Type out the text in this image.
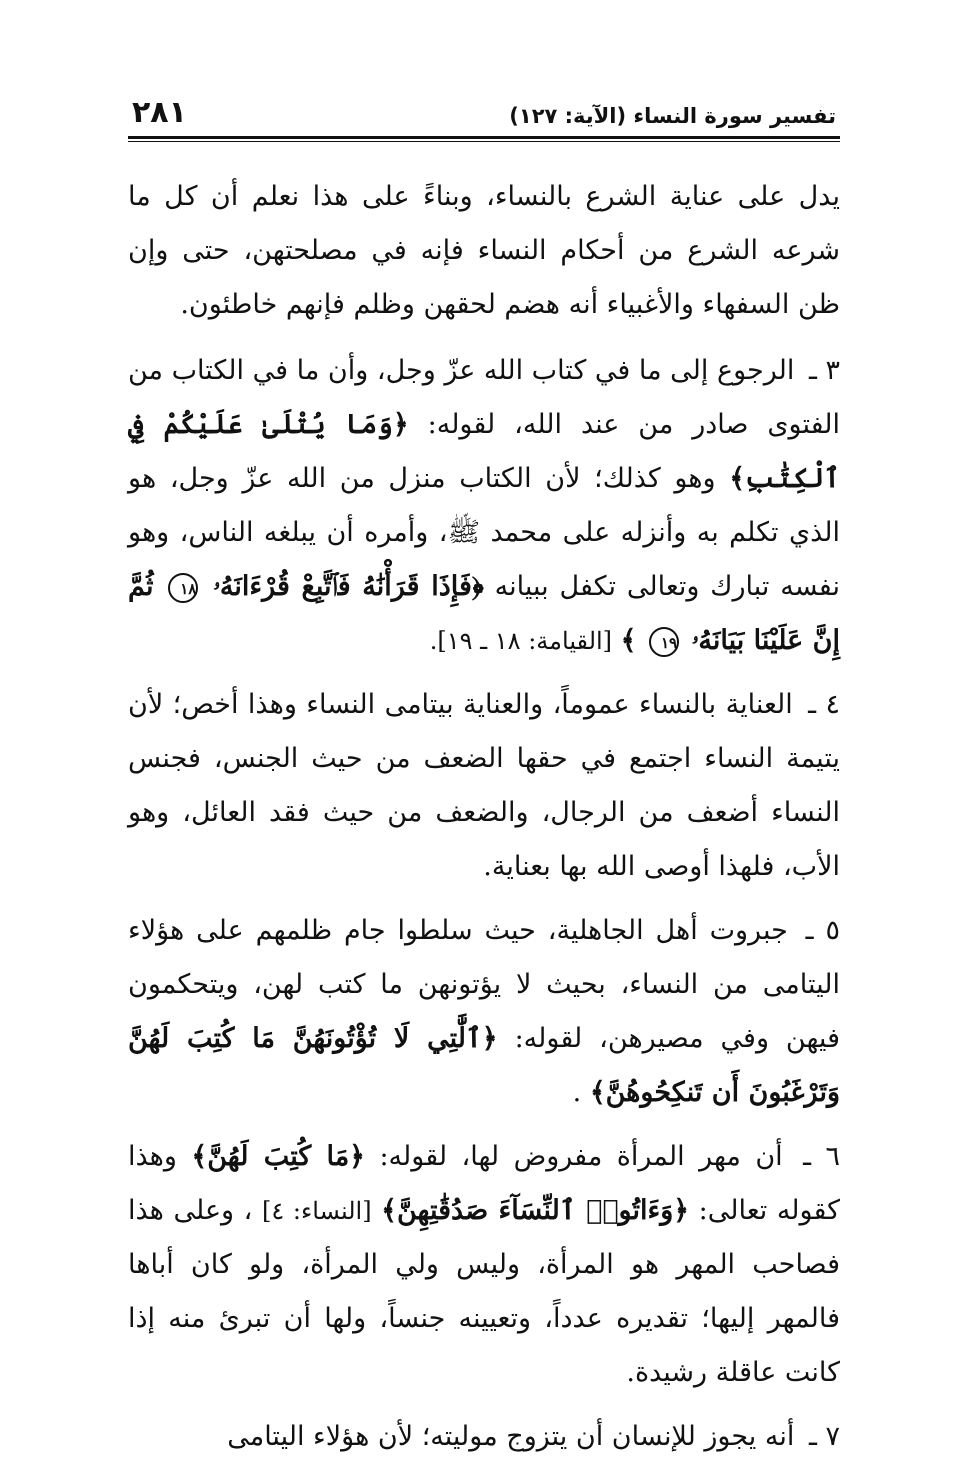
تفسير سورة النساء (الآية: ١٢٧)
٢٨١

يدل على عناية الشرع بالنساء، وبناءً على هذا نعلم أن كل ما شرعه الشرع من أحكام النساء فإنه في مصلحتهن، حتى وإن ظن السفهاء والأغبياء أنه هضم لحقهن وظلم فإنهم خاطئون.

٣ ـ الرجوع إلى ما في كتاب الله عزّ وجل، وأن ما في الكتاب من الفتوى صادر من عند الله، لقوله: ﴿وَمَا يُتْلَىٰ عَلَيْكُمْ فِي ٱلْكِتَٰبِ﴾ وهو كذلك؛ لأن الكتاب منزل من الله عزّ وجل، هو الذي تكلم به وأنزله على محمد ﷺ، وأمره أن يبلغه الناس، وهو نفسه تبارك وتعالى تكفل ببيانه ﴿فَإِذَا قَرَأْنَٰهُ فَٱتَّبِعْ قُرْءَانَهُۥ ١٨ ثُمَّ إِنَّ عَلَيْنَا بَيَانَهُۥ ١٩ ﴾ [القيامة: ١٨ ـ ١٩].

٤ ـ العناية بالنساء عموماً، والعناية بيتامى النساء وهذا أخص؛ لأن يتيمة النساء اجتمع في حقها الضعف من حيث الجنس، فجنس النساء أضعف من الرجال، والضعف من حيث فقد العائل، وهو الأب، فلهذا أوصى الله بها بعناية.

٥ ـ جبروت أهل الجاهلية، حيث سلطوا جام ظلمهم على هؤلاء اليتامى من النساء، بحيث لا يؤتونهن ما كتب لهن، ويتحكمون فيهن وفي مصيرهن، لقوله: ﴿ٱلَّٰتِي لَا تُؤْتُونَهُنَّ مَا كُتِبَ لَهُنَّ وَتَرْغَبُونَ أَن تَنكِحُوهُنَّ﴾ .

٦ ـ أن مهر المرأة مفروض لها، لقوله: ﴿مَا كُتِبَ لَهُنَّ﴾ وهذا كقوله تعالى: ﴿وَءَاتُوا۟ ٱلنِّسَآءَ صَدُقَٰتِهِنَّ﴾ [النساء: ٤] ، وعلى هذا فصاحب المهر هو المرأة، وليس ولي المرأة، ولو كان أباها فالمهر إليها؛ تقديره عدداً، وتعيينه جنساً، ولها أن تبرئ منه إذا كانت عاقلة رشيدة.

٧ ـ أنه يجوز للإنسان أن يتزوج موليته؛ لأن هؤلاء اليتامى
